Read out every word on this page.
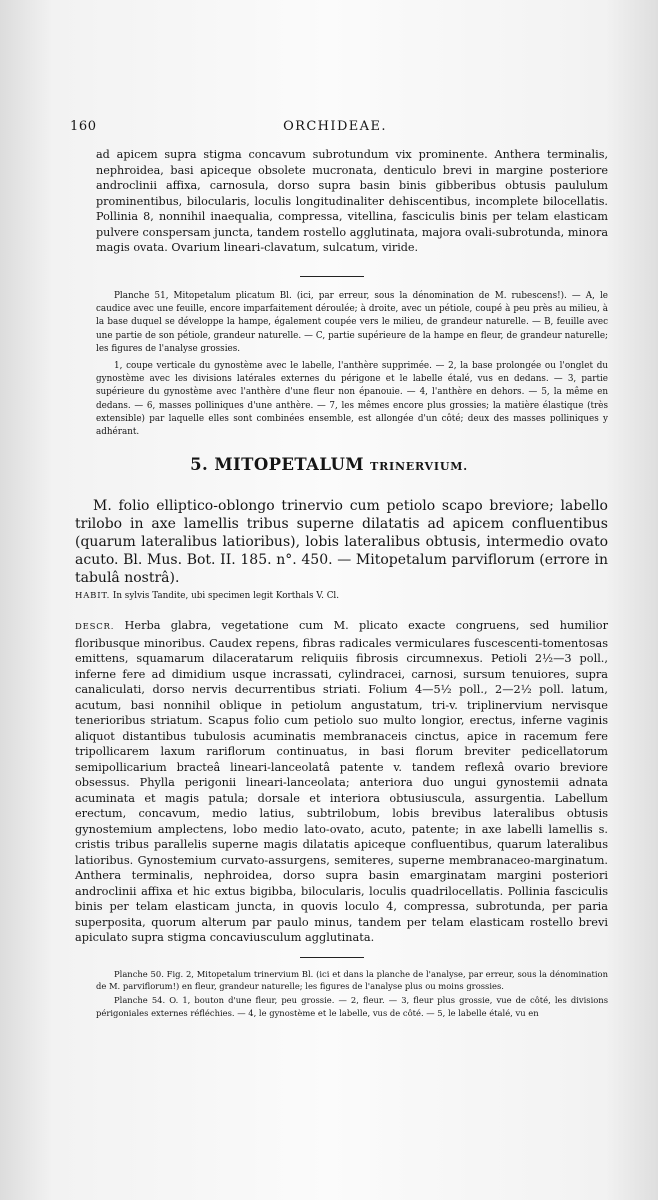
160	ORCHIDEAE.

ad apicem supra stigma concavum subrotundum vix prominente. Anthera terminalis, nephroidea, basi apiceque obsolete mucronata, denticulo brevi in margine posteriore androclinii affixa, carnosula, dorso supra basin binis gibberibus obtusis paululum prominentibus, bilocularis, loculis longitudinaliter dehiscentibus, incomplete bilocellatis. Pollinia 8, nonnihil inaequalia, compressa, vitellina, fasciculis binis per telam elasticam pulvere conspersam juncta, tandem rostello agglutinata, majora ovali-subrotunda, minora magis ovata. Ovarium lineari-clavatum, sulcatum, viride.

Planche 51, Mitopetalum plicatum Bl. (ici, par erreur, sous la dénomination de M. rubescens!). — A, le caudice avec une feuille, encore imparfaitement déroulée; à droite, avec un pétiole, coupé à peu près au milieu, à la base duquel se développe la hampe, également coupée vers le milieu, de grandeur naturelle. — B, feuille avec une partie de son pétiole, grandeur naturelle. — C, partie supérieure de la hampe en fleur, de grandeur naturelle; les figures de l'analyse grossies.

1, coupe verticale du gynostème avec le labelle, l'anthère supprimée. — 2, la base prolongée ou l'onglet du gynostème avec les divisions latérales externes du périgone et le labelle étalé, vus en dedans. — 3, partie supérieure du gynostème avec l'anthère d'une fleur non épanouie. — 4, l'anthère en dehors. — 5, la même en dedans. — 6, masses polliniques d'une anthère. — 7, les mêmes encore plus grossies; la matière élastique (très extensible) par laquelle elles sont combinées ensemble, est allongée d'un côté; deux des masses polliniques y adhérant.

5. MITOPETALUM TRINERVIUM.

M. folio elliptico-oblongo trinervio cum petiolo scapo breviore; labello trilobo in axe lamellis tribus superne dilatatis ad apicem confluentibus (quarum lateralibus latioribus), lobis lateralibus obtusis, intermedio ovato acuto. Bl. Mus. Bot. II. 185. n°. 450. — Mitopetalum parviflorum (errore in tabulâ nostrâ).

HABIT. In sylvis Tandite, ubi specimen legit Korthals V. Cl.

DESCR. Herba glabra, vegetatione cum M. plicato exacte congruens, sed humilior floribusque minoribus. Caudex repens, fibras radicales vermiculares fuscescenti-tomentosas emittens, squamarum dilaceratarum reliquiis fibrosis circumnexus. Petioli 2½—3 poll., inferne fere ad dimidium usque incrassati, cylindracei, carnosi, sursum tenuiores, supra canaliculati, dorso nervis decurrentibus striati. Folium 4—5½ poll., 2—2½ poll. latum, acutum, basi nonnihil oblique in petiolum angustatum, tri-v. triplinervium nervisque tenerioribus striatum. Scapus folio cum petiolo suo multo longior, erectus, inferne vaginis aliquot distantibus tubulosis acuminatis membranaceis cinctus, apice in racemum fere tripollicarem laxum rariflorum continuatus, in basi florum breviter pedicellatorum semipollicarium bracteâ lineari-lanceolatâ patente v. tandem reflexâ ovario breviore obsessus. Phylla perigonii lineari-lanceolata; anteriora duo ungui gynostemii adnata acuminata et magis patula; dorsale et interiora obtusiuscula, assurgentia. Labellum erectum, concavum, medio latius, subtrilobum, lobis brevibus lateralibus obtusis gynostemium amplectens, lobo medio lato-ovato, acuto, patente; in axe labelli lamellis s. cristis tribus parallelis superne magis dilatatis apiceque confluentibus, quarum lateralibus latioribus. Gynostemium curvato-assurgens, semiteres, superne membranaceo-marginatum. Anthera terminalis, nephroidea, dorso supra basin emarginatam margini posteriori androclinii affixa et hic extus bigibba, bilocularis, loculis quadrilocellatis. Pollinia fasciculis binis per telam elasticam juncta, in quovis loculo 4, compressa, subrotunda, per paria superposita, quorum alterum par paulo minus, tandem per telam elasticam rostello brevi apiculato supra stigma concaviusculum agglutinata.

Planche 50. Fig. 2, Mitopetalum trinervium Bl. (ici et dans la planche de l'analyse, par erreur, sous la dénomination de M. parviflorum!) en fleur, grandeur naturelle; les figures de l'analyse plus ou moins grossies.

Planche 54. O. 1, bouton d'une fleur, peu grossie. — 2, fleur. — 3, fleur plus grossie, vue de côté, les divisions périgoniales externes réfléchies. — 4, le gynostème et le labelle, vus de côté. — 5, le labelle étalé, vu en
